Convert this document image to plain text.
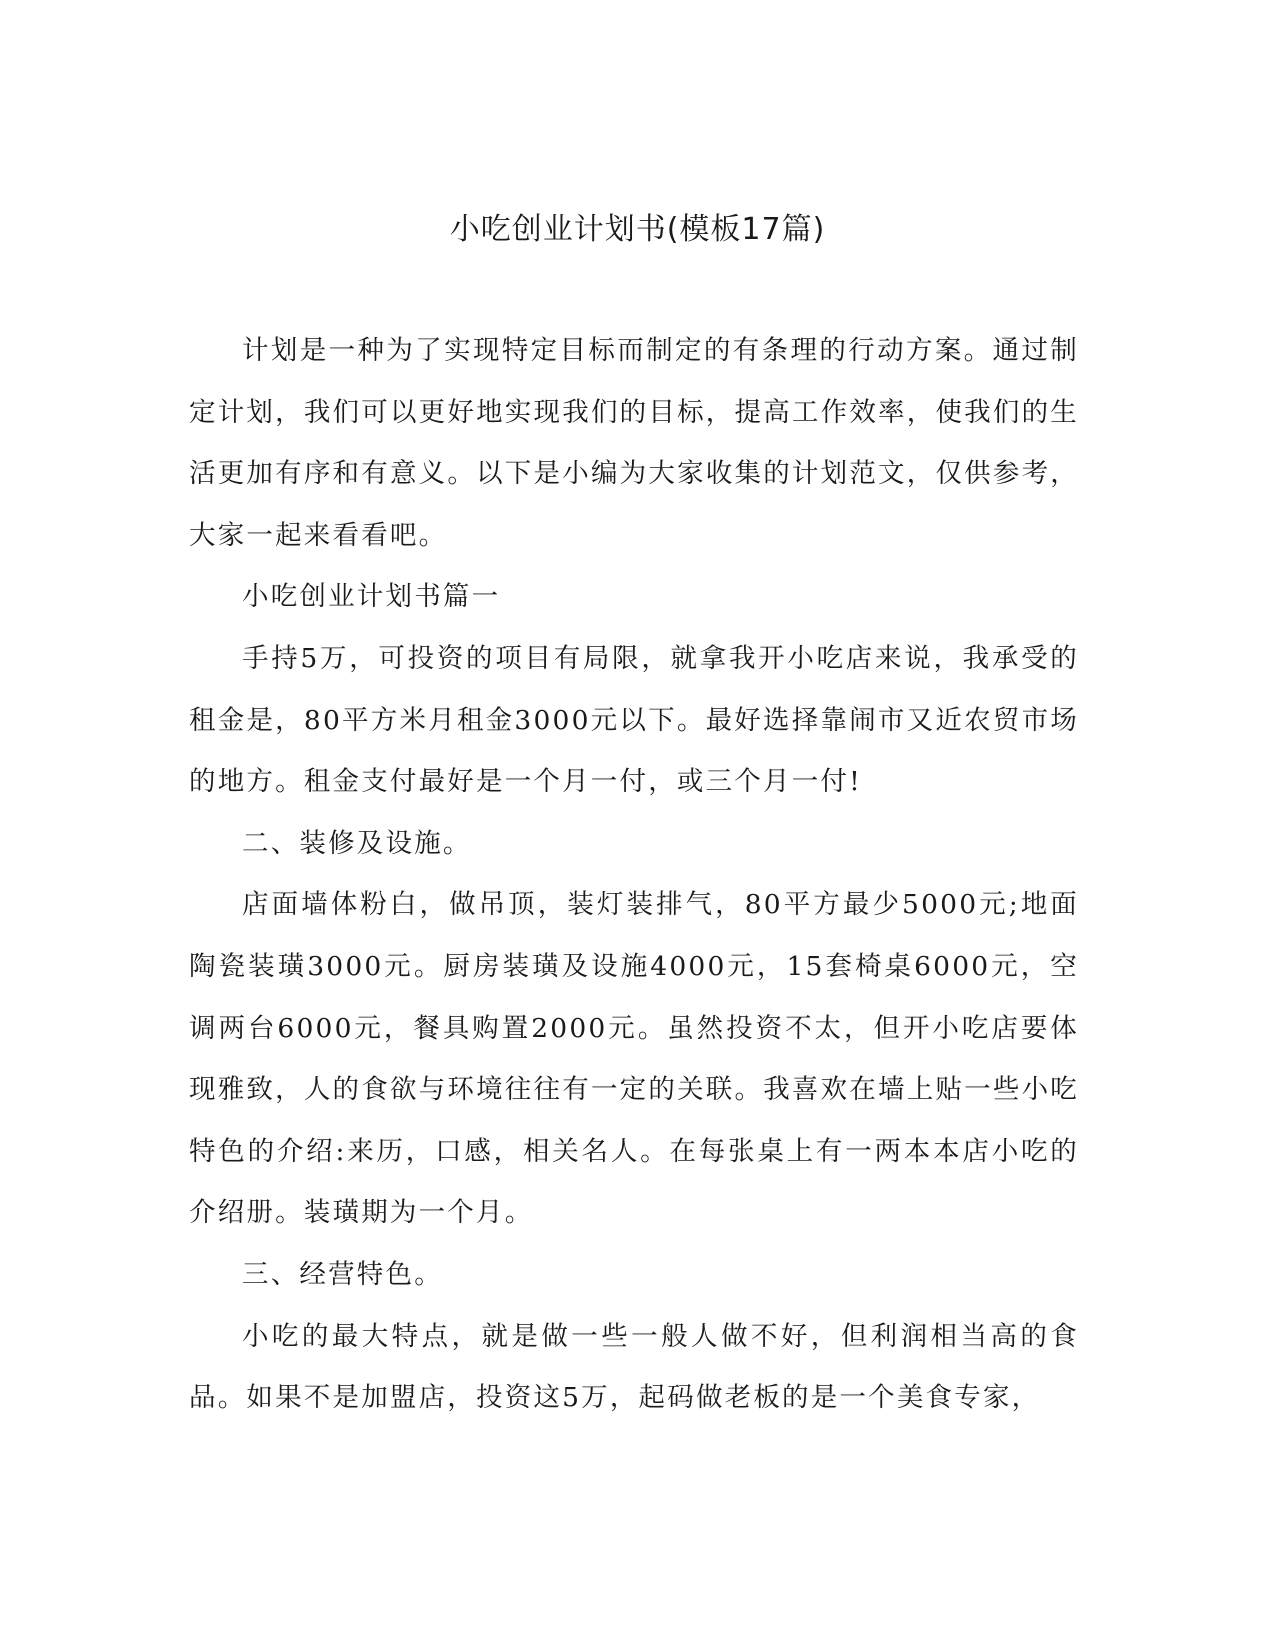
小吃创业计划书(模板17篇)

计划是一种为了实现特定目标而制定的有条理的行动方案。通过制定计划，我们可以更好地实现我们的目标，提高工作效率，使我们的生活更加有序和有意义。以下是小编为大家收集的计划范文，仅供参考，大家一起来看看吧。

小吃创业计划书篇一

手持5万，可投资的项目有局限，就拿我开小吃店来说，我承受的租金是，80平方米月租金3000元以下。最好选择靠闹市又近农贸市场的地方。租金支付最好是一个月一付，或三个月一付!

二、装修及设施。

店面墙体粉白，做吊顶，装灯装排气，80平方最少5000元;地面陶瓷装璜3000元。厨房装璜及设施4000元，15套椅桌6000元，空调两台6000元，餐具购置2000元。虽然投资不太，但开小吃店要体现雅致，人的食欲与环境往往有一定的关联。我喜欢在墙上贴一些小吃特色的介绍:来历，口感，相关名人。在每张桌上有一两本本店小吃的介绍册。装璜期为一个月。

三、经营特色。

小吃的最大特点，就是做一些一般人做不好，但利润相当高的食品。如果不是加盟店，投资这5万，起码做老板的是一个美食专家，
